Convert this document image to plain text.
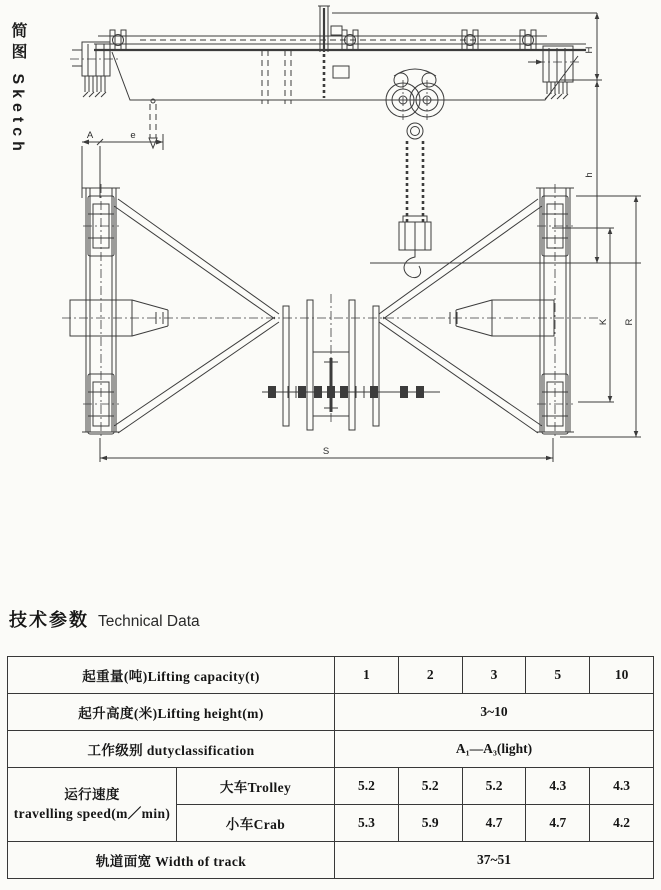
简图 Sketch	H
h
A	e
K R
S
技术参数 Technical Data
起重量(吨)Lifting capacity(t)		1	2	3	5	10
起升高度(米)Lifting height(m)		3~10				
工作级别 dutyclassification		A₁—A₃(light)				

运行速度
travelling speed(m／min)	大车Trolley	5.2	5.2	5.2	4.3	4.3
	小车Crab	5.3	5.9	4.7	4.7	4.2
轨道面宽 Width of track		37~51				
